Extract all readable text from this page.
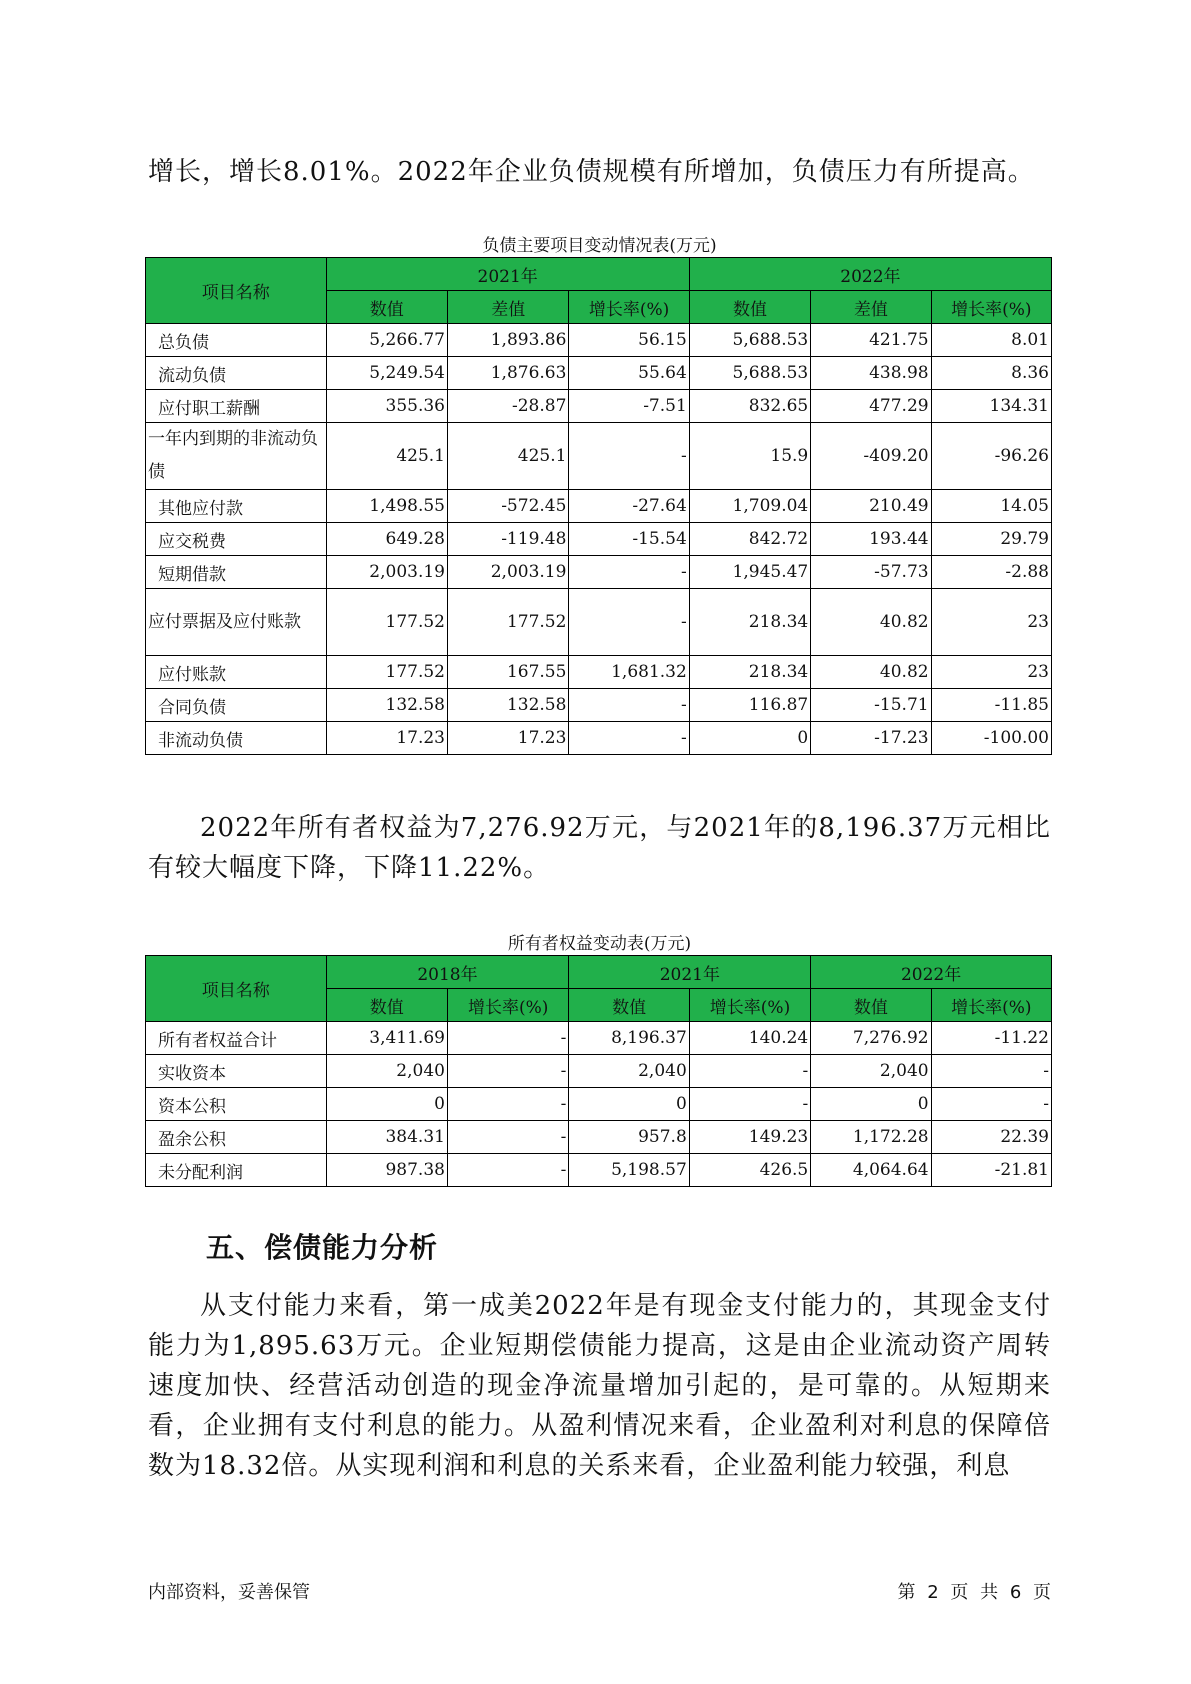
增长，增长8.01%。2022年企业负债规模有所增加，负债压力有所提高。

负债主要项目变动情况表(万元)
项目名称	2021年			2022年		
	数值	差值	增长率(%)	数值	差值	增长率(%)
总负债	5,266.77	1,893.86	56.15	5,688.53	421.75	8.01
流动负债	5,249.54	1,876.63	55.64	5,688.53	438.98	8.36
应付职工薪酬	355.36	-28.87	-7.51	832.65	477.29	134.31
一年内到期的非流动负债	425.1	425.1	-	15.9	-409.20	-96.26
其他应付款	1,498.55	-572.45	-27.64	1,709.04	210.49	14.05
应交税费	649.28	-119.48	-15.54	842.72	193.44	29.79
短期借款	2,003.19	2,003.19	-	1,945.47	-57.73	-2.88
应付票据及应付账款	177.52	177.52	-	218.34	40.82	23
应付账款	177.52	167.55	1,681.32	218.34	40.82	23
合同负债	132.58	132.58	-	116.87	-15.71	-11.85
非流动负债	17.23	17.23	-	0	-17.23	-100.00

2022年所有者权益为7,276.92万元，与2021年的8,196.37万元相比有较大幅度下降，下降11.22%。

所有者权益变动表(万元)
项目名称	2018年		2021年		2022年	
	数值	增长率(%)	数值	增长率(%)	数值	增长率(%)
所有者权益合计	3,411.69	-	8,196.37	140.24	7,276.92	-11.22
实收资本	2,040	-	2,040	-	2,040	-
资本公积	0	-	0	-	0	-
盈余公积	384.31	-	957.8	149.23	1,172.28	22.39
未分配利润	987.38	-	5,198.57	426.5	4,064.64	-21.81
五、偿债能力分析

从支付能力来看，第一成美2022年是有现金支付能力的，其现金支付能力为1,895.63万元。企业短期偿债能力提高，这是由企业流动资产周转速度加快、经营活动创造的现金净流量增加引起的，是可靠的。从短期来看，企业拥有支付利息的能力。从盈利情况来看，企业盈利对利息的保障倍数为18.32倍。从实现利润和利息的关系来看，企业盈利能力较强，利息

内部资料，妥善保管	第 2 页 共 6 页
